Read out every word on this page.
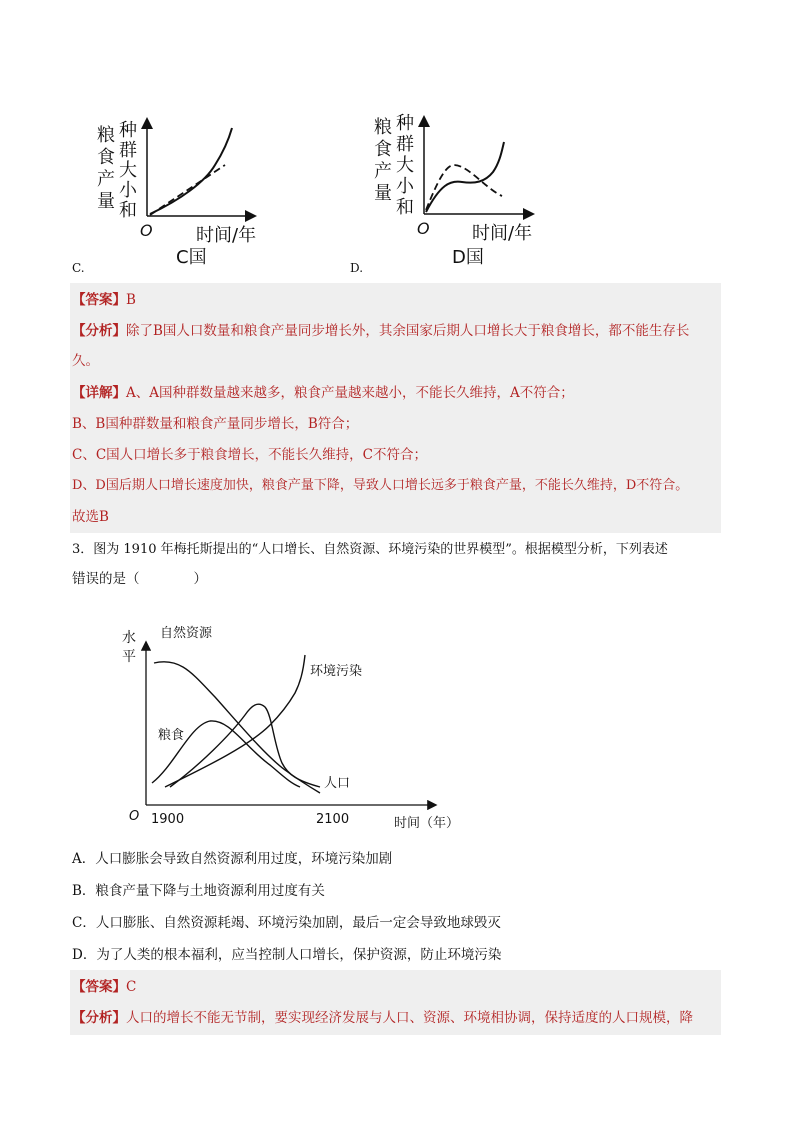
粮
食
产
量
种
群
大
小
和
O 时间/年
C国
C.
粮
食
产
量
种
群
大
小
和
O 时间/年
D国
D.
【答案】B
【分析】除了B国人口数量和粮食产量同步增长外，其余国家后期人口增长大于粮食增长，都不能生存长
久。
【详解】A、A国种群数量越来越多，粮食产量越来越小，不能长久维持，A不符合；
B、B国种群数量和粮食产量同步增长，B符合；
C、C国人口增长多于粮食增长，不能长久维持，C不符合；
D、D国后期人口增长速度加快，粮食产量下降，导致人口增长远多于粮食产量，不能长久维持，D不符合。
故选B
3．图为 1910 年梅托斯提出的“人口增长、自然资源、环境污染的世界模型”。根据模型分析，下列表述
错误的是（　　　　）
水
平
O 1900	2100	时间（年）
自然资源
环境污染
粮食
人口
A．人口膨胀会导致自然资源利用过度，环境污染加剧
B．粮食产量下降与土地资源利用过度有关
C．人口膨胀、自然资源耗竭、环境污染加剧，最后一定会导致地球毁灭
D．为了人类的根本福利，应当控制人口增长，保护资源，防止环境污染
【答案】C
【分析】人口的增长不能无节制，要实现经济发展与人口、资源、环境相协调，保持适度的人口规模，降
